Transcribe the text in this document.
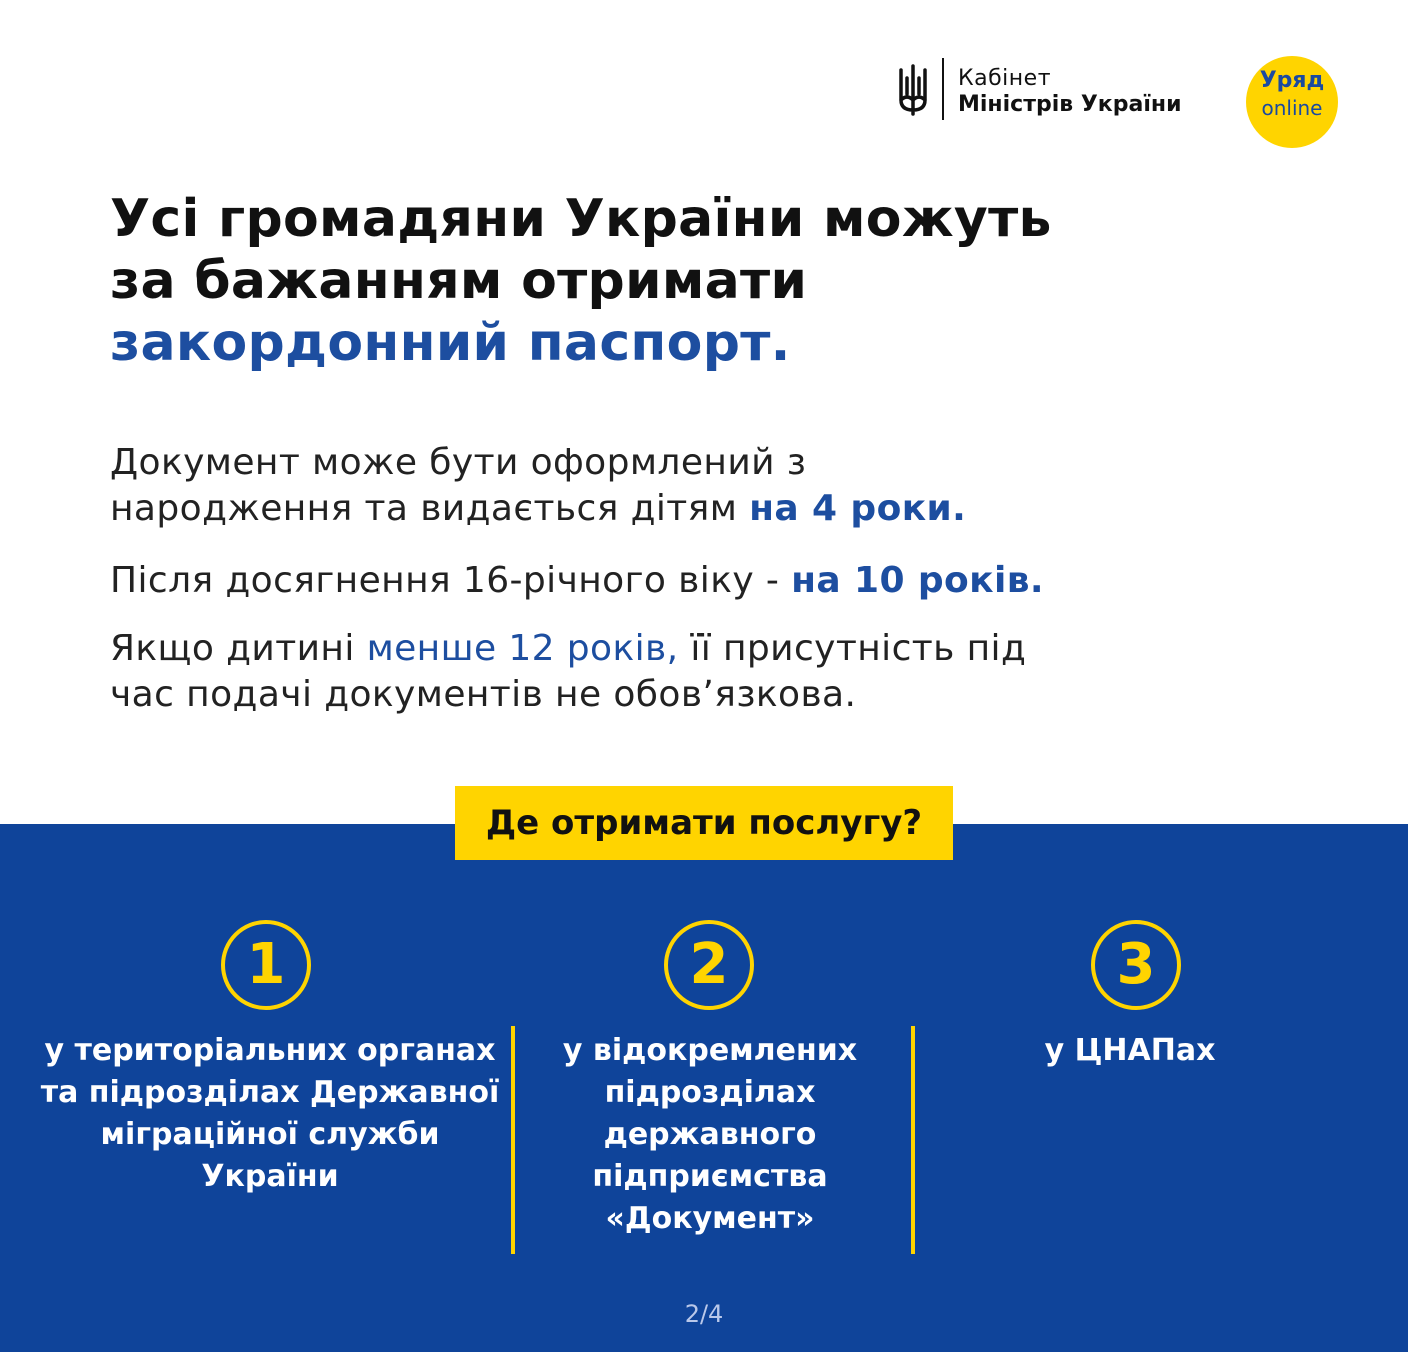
Кабінет
Міністрів України
Уряд
online
Усі громадяни України можуть
за бажанням отримати
закордонний паспорт.
Документ може бути оформлений з
народження та видається дітям на 4 роки.
Після досягнення 16-річного віку - на 10 років.
Якщо дитині менше 12 років, її присутність під
час подачі документів не обов’язкова.
Де отримати послугу?
1	2	3
у територіальних органах та підрозділах Державної міграційної служби України
у відокремлених підрозділах державного підприємства «Документ»
у ЦНАПах
2/4
